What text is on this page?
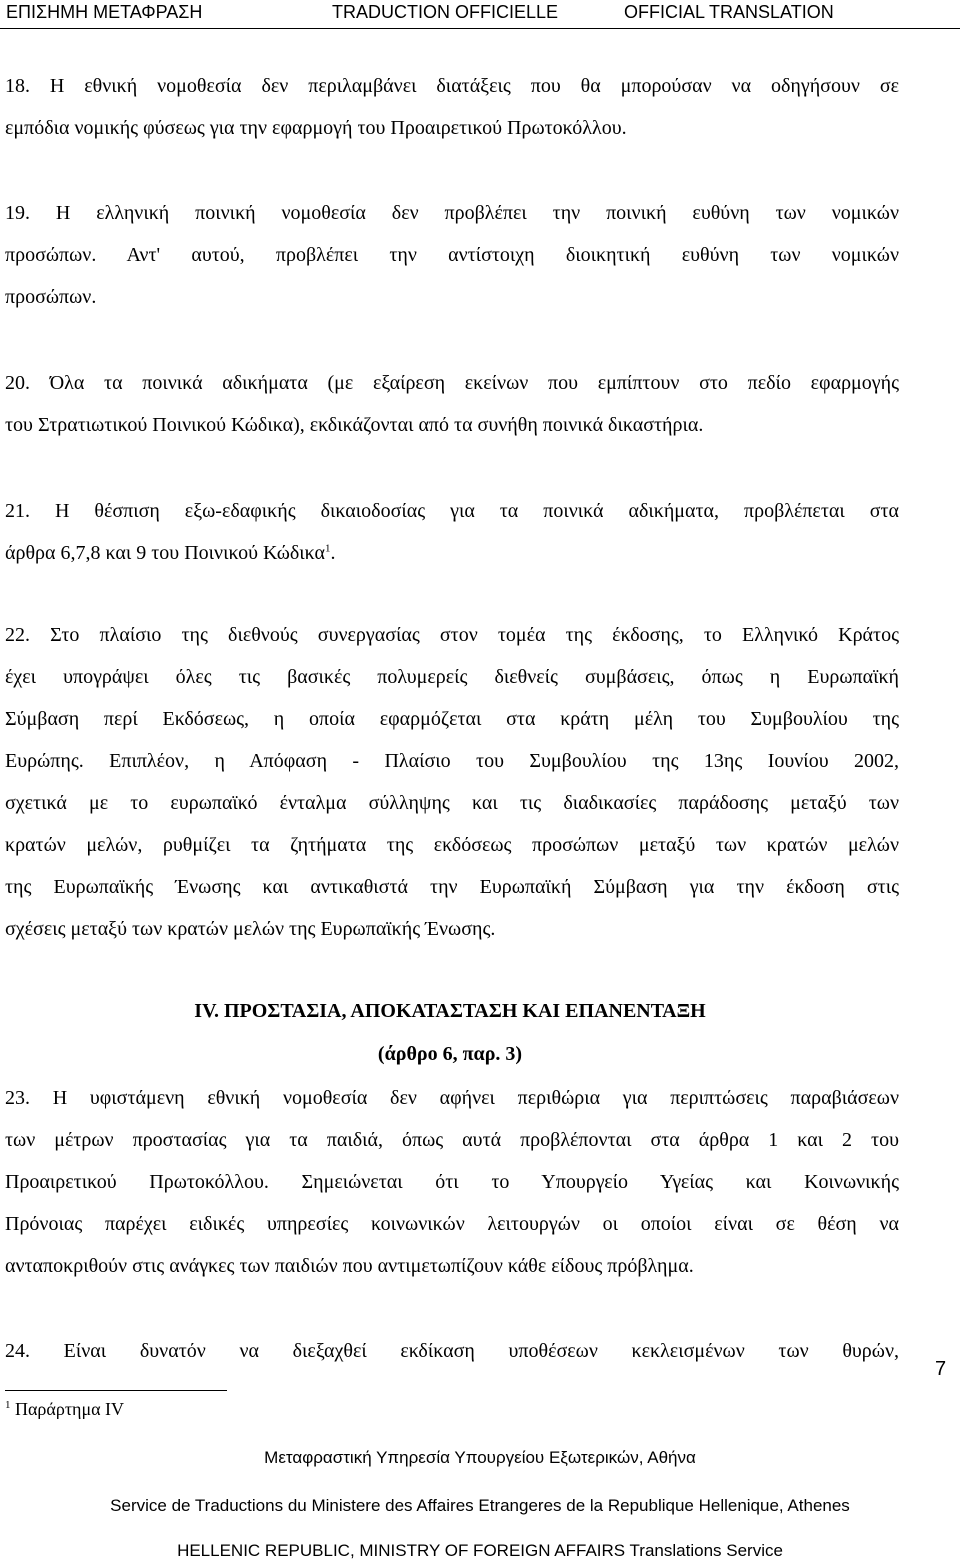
ΕΠΙΣΗΜΗ ΜΕΤΑΦΡΑΣΗ	TRADUCTION OFFICIELLE	OFFICIAL TRANSLATION
18. Η εθνική νομοθεσία δεν περιλαμβάνει διατάξεις που θα μπορούσαν να οδηγήσουν σε
εμπόδια νομικής φύσεως για την εφαρμογή του Προαιρετικού Πρωτοκόλλου.
19. Η ελληνική ποινική νομοθεσία δεν προβλέπει την ποινική ευθύνη των νομικών
προσώπων. Αντ' αυτού, προβλέπει την αντίστοιχη διοικητική ευθύνη των νομικών
προσώπων.
20. Όλα τα ποινικά αδικήματα (με εξαίρεση εκείνων που εμπίπτουν στο πεδίο εφαρμογής
του Στρατιωτικού Ποινικού Κώδικα), εκδικάζονται από τα συνήθη ποινικά δικαστήρια.
21. Η θέσπιση εξω-εδαφικής δικαιοδοσίας για τα ποινικά αδικήματα, προβλέπεται στα
άρθρα 6,7,8 και 9 του Ποινικού Κώδικα$^1$.
22. Στο πλαίσιο της διεθνούς συνεργασίας στον τομέα της έκδοσης, το Ελληνικό Κράτος
έχει υπογράψει όλες τις βασικές πολυμερείς διεθνείς συμβάσεις, όπως η Ευρωπαϊκή
Σύμβαση περί Εκδόσεως, η οποία εφαρμόζεται στα κράτη μέλη του Συμβουλίου της
Ευρώπης. Επιπλέον, η Απόφαση - Πλαίσιο του Συμβουλίου της 13ης Ιουνίου 2002,
σχετικά με το ευρωπαϊκό ένταλμα σύλληψης και τις διαδικασίες παράδοσης μεταξύ των
κρατών μελών, ρυθμίζει τα ζητήματα της εκδόσεως προσώπων μεταξύ των κρατών μελών
της Ευρωπαϊκής Ένωσης και αντικαθιστά την Ευρωπαϊκή Σύμβαση για την έκδοση στις
σχέσεις μεταξύ των κρατών μελών της Ευρωπαϊκής Ένωσης.

IV. ΠΡΟΣΤΑΣΙΑ, ΑΠΟΚΑΤΑΣΤΑΣΗ ΚΑΙ ΕΠΑΝΕΝΤΑΞΗ

(άρθρο 6, παρ. 3)

23. Η υφιστάμενη εθνική νομοθεσία δεν αφήνει περιθώρια για περιπτώσεις παραβιάσεων
των μέτρων προστασίας για τα παιδιά, όπως αυτά προβλέπονται στα άρθρα 1 και 2 του
Προαιρετικού Πρωτοκόλλου. Σημειώνεται ότι το Υπουργείο Υγείας και Κοινωνικής
Πρόνοιας παρέχει ειδικές υπηρεσίες κοινωνικών λειτουργών οι οποίοι είναι σε θέση να
ανταποκριθούν στις ανάγκες των παιδιών που αντιμετωπίζουν κάθε είδους πρόβλημα.
24. Είναι δυνατόν να διεξαχθεί εκδίκαση υποθέσεων κεκλεισμένων των θυρών,
7
$^1$ Παράρτημα IV
Μεταφραστική Υπηρεσία Υπουργείου Εξωτερικών, Αθήνα
Service de Traductions du Ministere des Affaires Etrangeres de la Republique Hellenique, Athenes
HELLENIC REPUBLIC, MINISTRY OF FOREIGN AFFAIRS Translations Service
